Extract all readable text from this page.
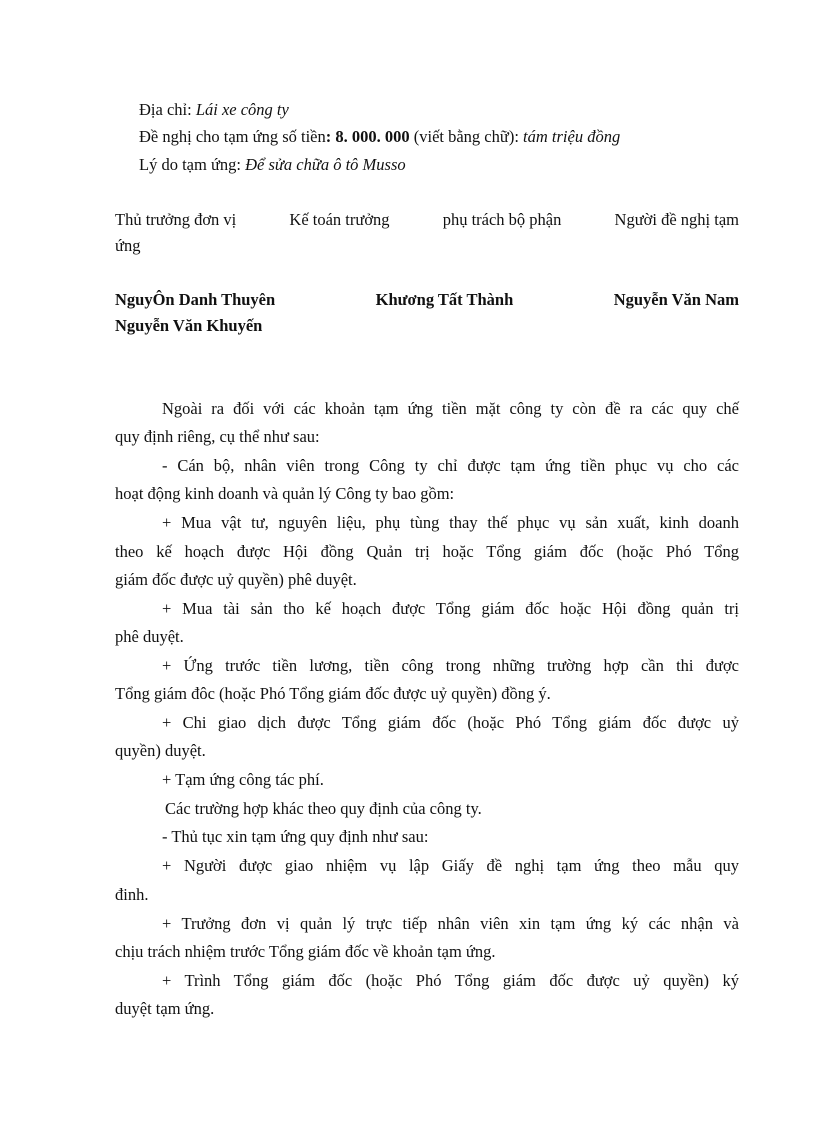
Địa chỉ: Lái xe công ty
Đề nghị cho tạm ứng số tiền: 8. 000. 000 (viết bằng chữ): tám triệu đồng
Lý do tạm ứng: Để sửa chữa ô tô Musso
Thủ trưởng đơn vị	Kế toán trưởng	phụ trách bộ phận	Người đề nghị tạm
ứng
NguyÔn Danh Thuyên	Khương Tất Thành	Nguyễn Văn Nam
Nguyễn Văn Khuyến
Ngoài ra đối với các khoản tạm ứng tiền mặt công ty còn đề ra các quy chế
quy định riêng, cụ thể như sau:
- Cán bộ, nhân viên trong Công ty chỉ được tạm ứng tiền phục vụ cho các
hoạt động kinh doanh và quản lý Công ty bao gồm:
+ Mua vật tư, nguyên liệu, phụ tùng thay thế phục vụ sản xuất, kinh doanh
theo kế hoạch được Hội đồng Quản trị hoặc Tổng giám đốc (hoặc Phó Tổng
giám đốc được uỷ quyền) phê duyệt.
+ Mua tài sản tho kế hoạch được Tổng giám đốc hoặc Hội đồng quản trị
phê duyệt.
+ Ứng trước tiền lương, tiền công trong những trường hợp cần thi được
Tổng giám đôc (hoặc Phó Tổng giám đốc được uỷ quyền) đồng ý.
+ Chi giao dịch được Tổng giám đốc (hoặc Phó Tổng giám đốc được uỷ
quyền) duyệt.
+ Tạm ứng công tác phí.
Các trường hợp khác theo quy định của công ty.
- Thủ tục xin tạm ứng quy định như sau:
+ Người được giao nhiệm vụ lập Giấy đề nghị tạm ứng theo mẫu quy
đinh.
+ Trưởng đơn vị quản lý trực tiếp nhân viên xin tạm ứng ký các nhận và
chịu trách nhiệm trước Tổng giám đốc về khoản tạm ứng.
+ Trình Tổng giám đốc (hoặc Phó Tổng giám đốc được uỷ quyền) ký
duyệt tạm ứng.
